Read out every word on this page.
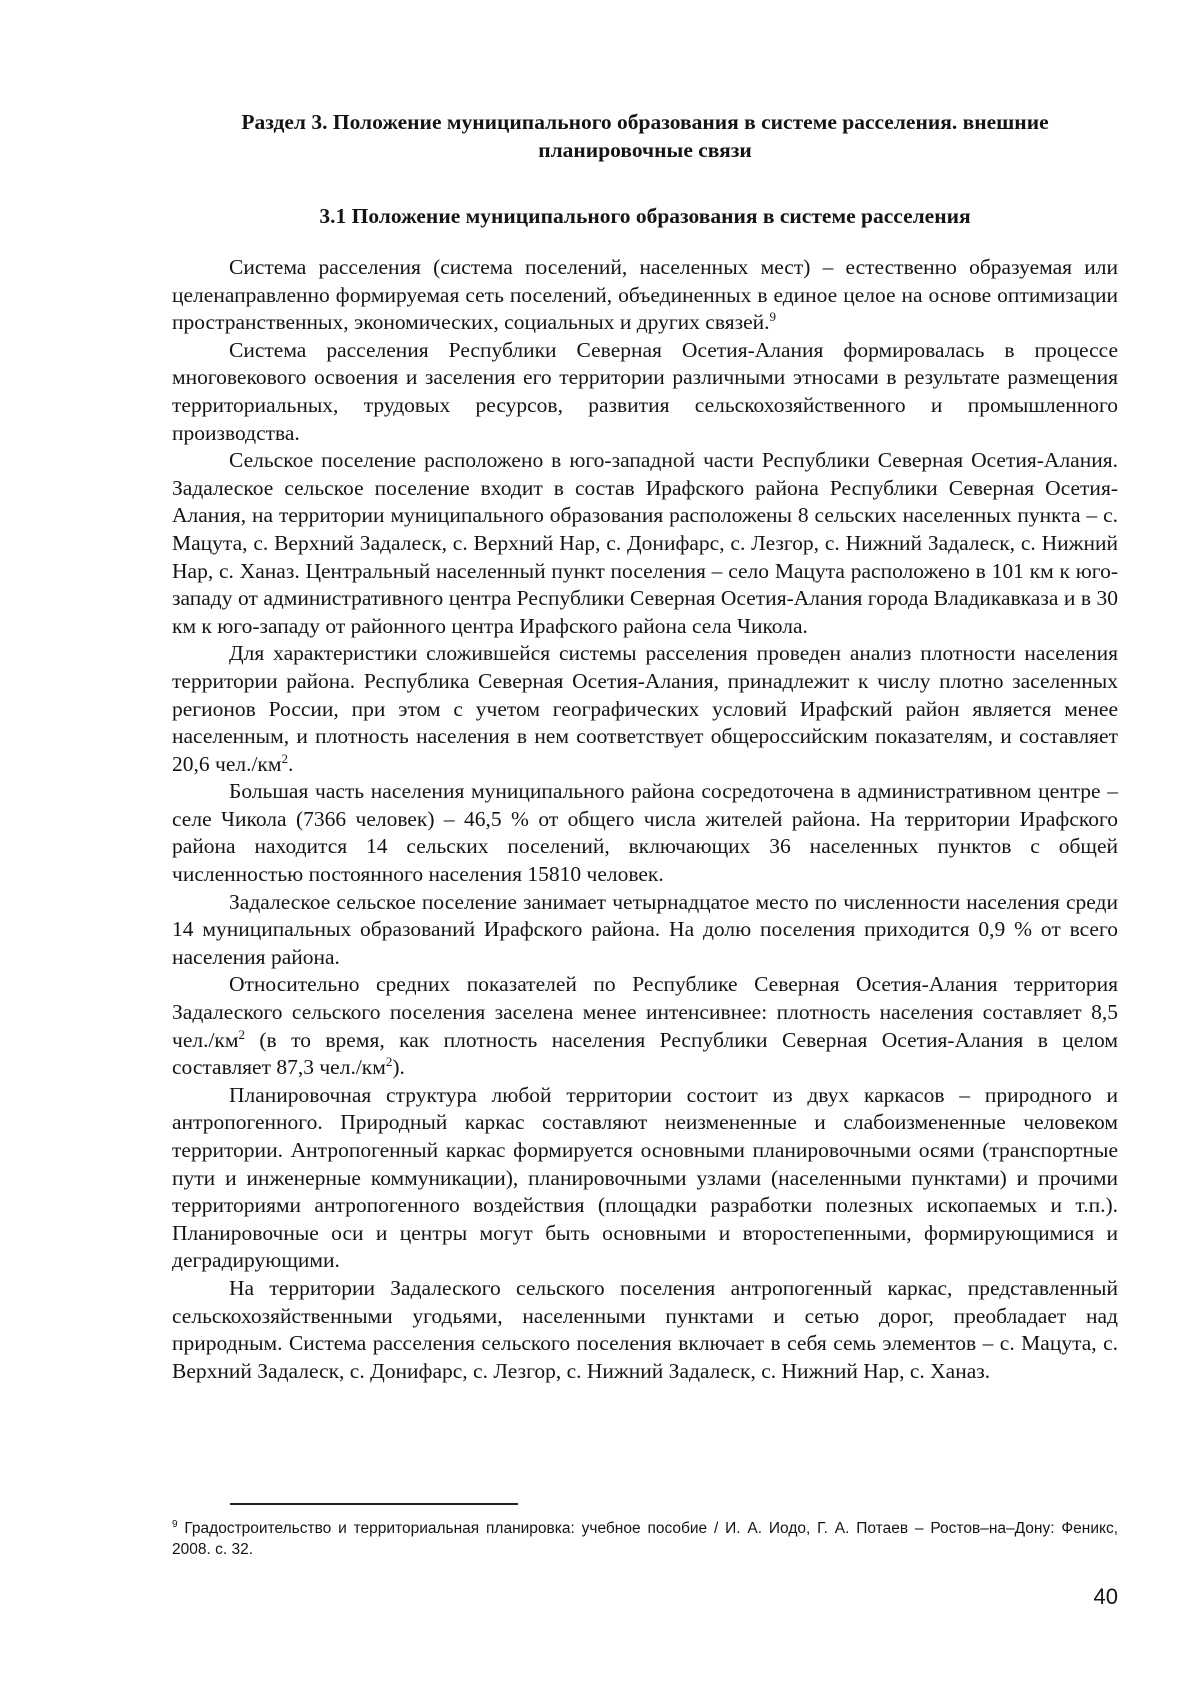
Раздел 3. Положение муниципального образования в системе расселения. внешние планировочные связи
3.1 Положение муниципального образования в системе расселения

Система расселения (система поселений, населенных мест) – естественно образуемая или целенаправленно формируемая сеть поселений, объединенных в единое целое на основе оптимизации пространственных, экономических, социальных и других связей.$^9$

Система расселения Республики Северная Осетия-Алания формировалась в процессе многовекового освоения и заселения его территории различными этносами в результате размещения территориальных, трудовых ресурсов, развития сельскохозяйственного и промышленного производства.

Сельское поселение расположено в юго-западной части Республики Северная Осетия-Алания. Задалеское сельское поселение входит в состав Ирафского района Республики Северная Осетия-Алания, на территории муниципального образования расположены 8 сельских населенных пункта – с. Мацута, с. Верхний Задалеск, с. Верхний Нар, с. Донифарс, с. Лезгор, с. Нижний Задалеск, с. Нижний Нар, с. Ханаз. Центральный населенный пункт поселения – село Мацута расположено в 101 км к юго-западу от административного центра Республики Северная Осетия-Алания города Владикавказа и в 30 км к юго-западу от районного центра Ирафского района села Чикола.

Для характеристики сложившейся системы расселения проведен анализ плотности населения территории района. Республика Северная Осетия-Алания, принадлежит к числу плотно заселенных регионов России, при этом с учетом географических условий Ирафский район является менее населенным, и плотность населения в нем соответствует общероссийским показателям, и составляет 20,6 $чел./км^2$.

Большая часть населения муниципального района сосредоточена в административном центре – селе Чикола (7366 человек) – 46,5 % от общего числа жителей района. На территории Ирафского района находится 14 сельских поселений, включающих 36 населенных пунктов с общей численностью постоянного населения 15810 человек.

Задалеское сельское поселение занимает четырнадцатое место по численности населения среди 14 муниципальных образований Ирафского района. На долю поселения приходится 0,9 % от всего населения района.

Относительно средних показателей по Республике Северная Осетия-Алания территория Задалеского сельского поселения заселена менее интенсивнее: плотность населения составляет 8,5 $чел./км^2$ (в то время, как плотность населения Республики Северная Осетия-Алания в целом составляет 87,3 $чел./км^2$).

Планировочная структура любой территории состоит из двух каркасов – природного и антропогенного. Природный каркас составляют неизмененные и слабоизмененные человеком территории. Антропогенный каркас формируется основными планировочными осями (транспортные пути и инженерные коммуникации), планировочными узлами (населенными пунктами) и прочими территориями антропогенного воздействия (площадки разработки полезных ископаемых и т.п.). Планировочные оси и центры могут быть основными и второстепенными, формирующимися и деградирующими.

На территории Задалеского сельского поселения антропогенный каркас, представленный сельскохозяйственными угодьями, населенными пунктами и сетью дорог, преобладает над природным. Система расселения сельского поселения включает в себя семь элементов – с. Мацута, с. Верхний Задалеск, с. Донифарс, с. Лезгор, с. Нижний Задалеск, с. Нижний Нар, с. Ханаз.

$^9$ Градостроительство и территориальная планировка: учебное пособие / И. А. Иодо, Г. А. Потаев – Ростов–на–Дону: Феникс, 2008. с. 32.
40
